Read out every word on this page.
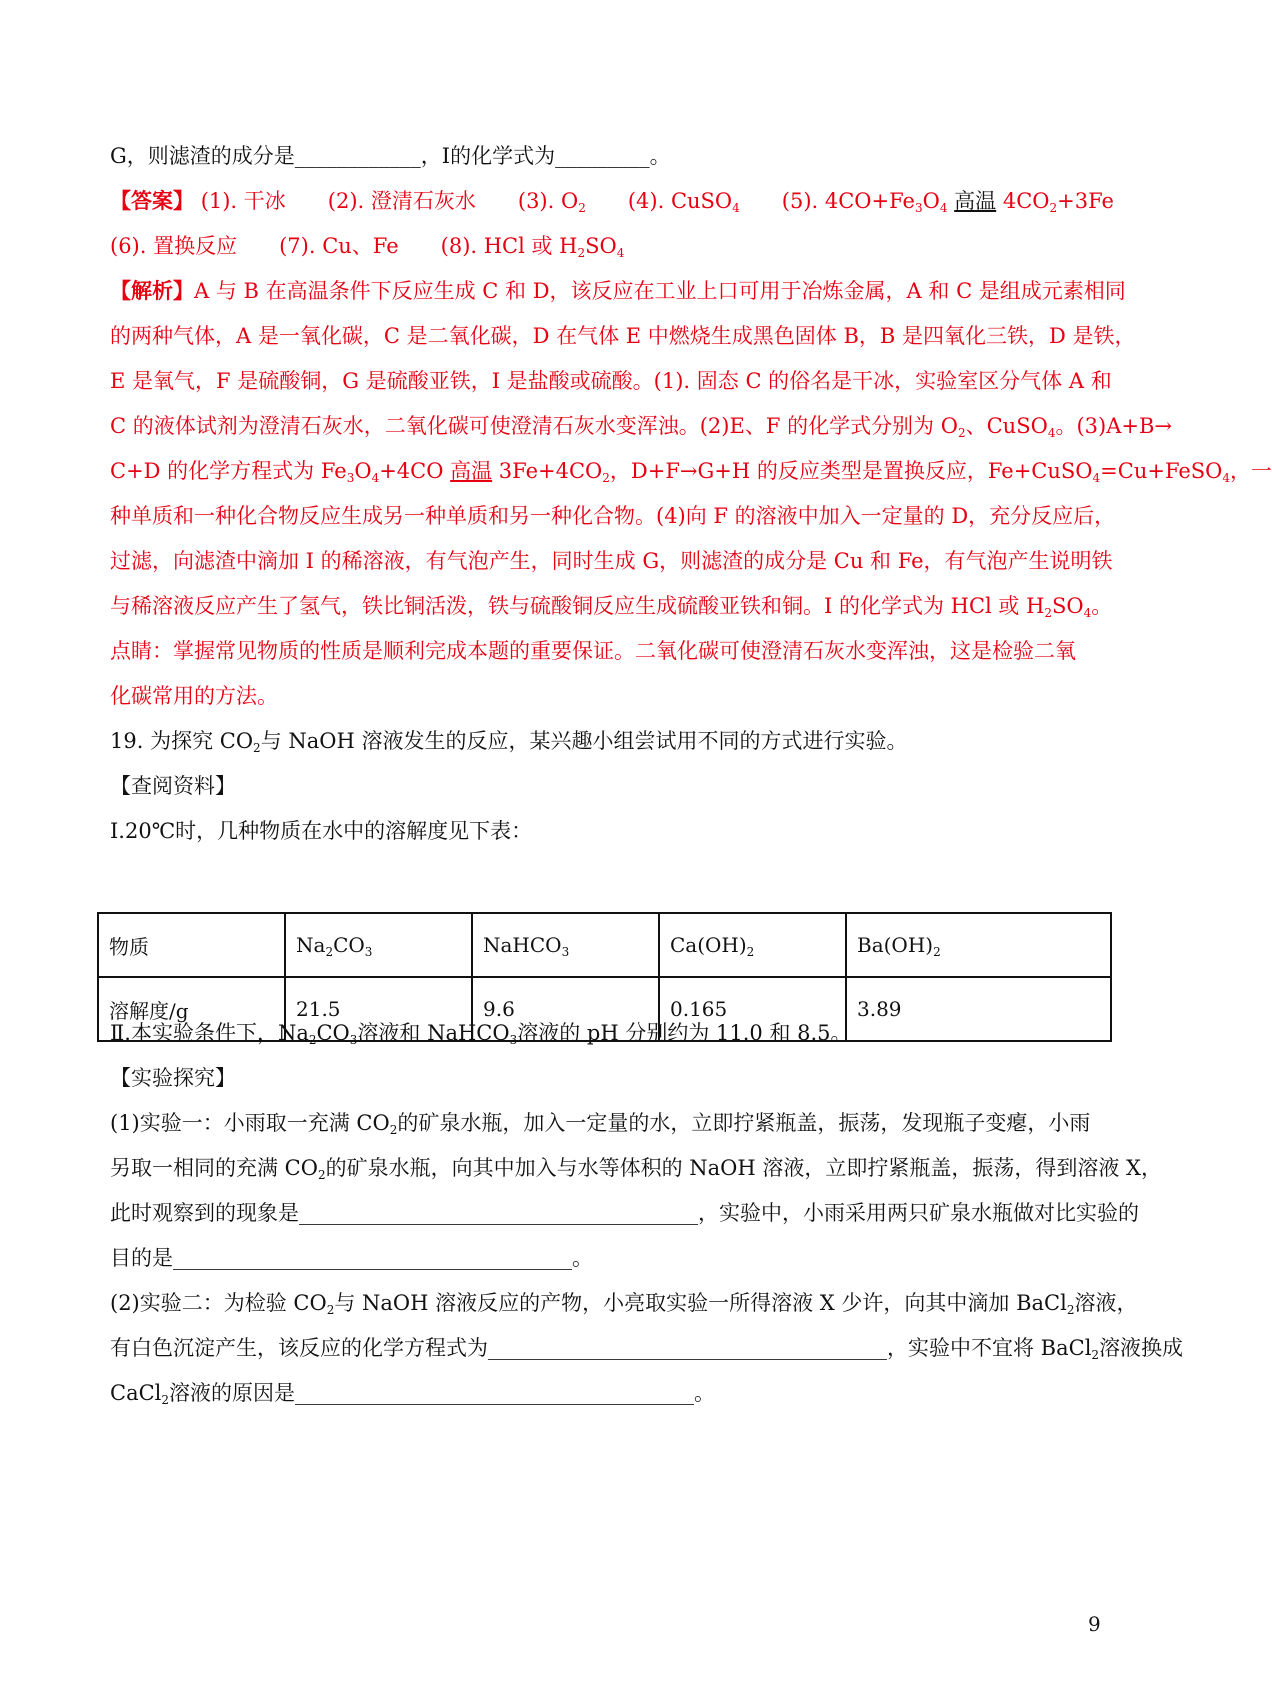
G，则滤渣的成分是____________，I的化学式为_________。
【答案】 (1). 干冰　　(2). 澄清石灰水　　(3). $O_2$　　(4). CuSO$_4$　　(5). $4CO+Fe_3O_4$ 高温 $4CO_2+3Fe$
(6). 置换反应　　(7). Cu、Fe　　(8). HCl 或 $H_2SO_4$
【解析】A 与 B 在高温条件下反应生成 C 和 D，该反应在工业上口可用于冶炼金属，A 和 C 是组成元素相同
的两种气体，A 是一氧化碳，C 是二氧化碳，D 在气体 E 中燃烧生成黑色固体 B，B 是四氧化三铁，D 是铁，
E 是氧气，F 是硫酸铜，G 是硫酸亚铁，I 是盐酸或硫酸。(1). 固态 C 的俗名是干冰，实验室区分气体 A 和
C 的液体试剂为澄清石灰水，二氧化碳可使澄清石灰水变浑浊。(2)E、F 的化学式分别为 $O_2$、CuSO$_4$。(3)A+B→
C+D 的化学方程式为 $Fe_3O_4+4CO$ 高温 $3Fe+4CO_2$，D+F→G+H 的反应类型是置换反应，Fe+CuSO$_4$=Cu+FeSO$_4$，一
种单质和一种化合物反应生成另一种单质和另一种化合物。(4)向 F 的溶液中加入一定量的 D，充分反应后，
过滤，向滤渣中滴加 I 的稀溶液，有气泡产生，同时生成 G，则滤渣的成分是 Cu 和 Fe，有气泡产生说明铁
与稀溶液反应产生了氢气，铁比铜活泼，铁与硫酸铜反应生成硫酸亚铁和铜。I 的化学式为 HCl 或 $H_2SO_4$。
点睛：掌握常见物质的性质是顺利完成本题的重要保证。二氧化碳可使澄清石灰水变浑浊，这是检验二氧
化碳常用的方法。
19. 为探究 $CO_2$与 NaOH 溶液发生的反应，某兴趣小组尝试用不同的方式进行实验。
【查阅资料】
Ⅰ.20℃时，几种物质在水中的溶解度见下表：
物质	$Na_2CO_3$	NaHCO$_3$	$Ca(OH)_2$	$Ba(OH)_2$
溶解度/g	21.5	9.6	0.165	3.89
Ⅱ.本实验条件下，$Na_2CO_3$溶液和 NaHCO$_3$溶液的 pH 分别约为 11.0 和 8.5。
【实验探究】
(1)实验一：小雨取一充满 $CO_2$的矿泉水瓶，加入一定量的水，立即拧紧瓶盖，振荡，发现瓶子变瘪，小雨
另取一相同的充满 $CO_2$的矿泉水瓶，向其中加入与水等体积的 NaOH 溶液，立即拧紧瓶盖，振荡，得到溶液 X，
此时观察到的现象是______________________________________，实验中，小雨采用两只矿泉水瓶做对比实验的
目的是______________________________________。
(2)实验二：为检验 $CO_2$与 NaOH 溶液反应的产物，小亮取实验一所得溶液 X 少许，向其中滴加 BaCl$_2$溶液，
有白色沉淀产生，该反应的化学方程式为______________________________________，实验中不宜将 BaCl$_2$溶液换成
CaCl$_2$溶液的原因是______________________________________。
9
